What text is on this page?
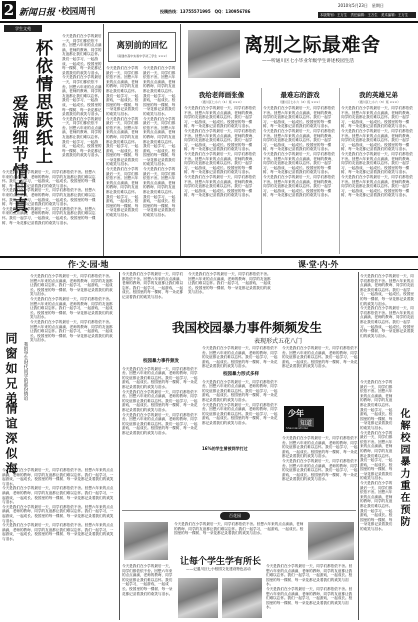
2 新闻日报 ·校园周刊	投稿热线：13755571995　QQ：130956786
2010年5月23日　星期日
本版策划：王万生　责任编辑：王万生　美术编辑：王万生
学生文苑
杯依情思跃纸上
爱满细节情自真
今天是我们在小学的最后一天，同学们都依依不舍。回想六年来的点点滴滴，老师的教诲、同学的友谊都让我们难以忘怀。我们一起学习，一起游戏，一起成长。校园里的每一棵树、每一朵花都记录着我们的欢笑与泪水。
今天是我们在小学的最后一天，同学们都依依不舍。回想六年来的点点滴滴，老师的教诲、同学的友谊都让我们难以忘怀。我们一起学习，一起游戏，一起成长。校园里的每一棵树、每一朵花都记录着我们的欢笑与泪水。
今天是我们在小学的最后一天，同学们都依依不舍。回想六年来的点点滴滴，老师的教诲、同学的友谊都让我们难以忘怀。我们一起学习，一起游戏，一起成长。校园里的每一棵树、每一朵花都记录着我们的欢笑与泪水。
今天是我们在小学的最后一天，同学们都依依不舍。回想六年来的点点滴滴，老师的教诲、同学的友谊都让我们难以忘怀。我们一起学习，一起游戏，一起成长。校园里的每一棵树、每一朵花都记录着我们的欢笑与泪水。
今天是我们在小学的最后一天，同学们都依依不舍。回想六年来的点点滴滴，老师的教诲、同学的友谊都让我们难以忘怀。我们一起学习，一起游戏，一起成长。校园里的每一棵树、每一朵花都记录着我们的欢笑与泪水。
今天是我们在小学的最后一天，同学们都依依不舍。回想六年来的点点滴滴，老师的教诲、同学的友谊都让我们难以忘怀。我们一起学习，一起游戏，一起成长。校园里的每一棵树、每一朵花都记录着我们的欢笑与泪水。
离别前的回忆
（南通市高中实验中学初三学生 ×××）
今天是我们在小学的最后一天，同学们都依依不舍。回想六年来的点点滴滴，老师的教诲、同学的友谊都让我们难以忘怀。我们一起学习，一起游戏，一起成长。校园里的每一棵树、每一朵花都记录着我们的欢笑与泪水。
今天是我们在小学的最后一天，同学们都依依不舍。回想六年来的点点滴滴，老师的教诲、同学的友谊都让我们难以忘怀。我们一起学习，一起游戏，一起成长。校园里的每一棵树、每一朵花都记录着我们的欢笑与泪水。
今天是我们在小学的最后一天，同学们都依依不舍。回想六年来的点点滴滴，老师的教诲、同学的友谊都让我们难以忘怀。我们一起学习，一起游戏，一起成长。校园里的每一棵树、每一朵花都记录着我们的欢笑与泪水。
今天是我们在小学的最后一天，同学们都依依不舍。回想六年来的点点滴滴，老师的教诲、同学的友谊都让我们难以忘怀。我们一起学习，一起游戏，一起成长。校园里的每一棵树、每一朵花都记录着我们的欢笑与泪水。
今天是我们在小学的最后一天，同学们都依依不舍。回想六年来的点点滴滴，老师的教诲、同学的友谊都让我们难以忘怀。我们一起学习，一起游戏，一起成长。校园里的每一棵树、每一朵花都记录着我们的欢笑与泪水。
今天是我们在小学的最后一天，同学们都依依不舍。回想六年来的点点滴滴，老师的教诲、同学的友谊都让我们难以忘怀。我们一起学习，一起游戏，一起成长。校园里的每一棵树、每一朵花都记录着我们的欢笑与泪水。
离别之际最难舍
——听通川区七小毕业年级学生讲述校园生活
我给老师画张像
（通川区七小六（1）班 ×××）
今天是我们在小学的最后一天，同学们都依依不舍。回想六年来的点点滴滴，老师的教诲、同学的友谊都让我们难以忘怀。我们一起学习，一起游戏，一起成长。校园里的每一棵树、每一朵花都记录着我们的欢笑与泪水。
今天是我们在小学的最后一天，同学们都依依不舍。回想六年来的点点滴滴，老师的教诲、同学的友谊都让我们难以忘怀。我们一起学习，一起游戏，一起成长。校园里的每一棵树、每一朵花都记录着我们的欢笑与泪水。
今天是我们在小学的最后一天，同学们都依依不舍。回想六年来的点点滴滴，老师的教诲、同学的友谊都让我们难以忘怀。我们一起学习，一起游戏，一起成长。校园里的每一棵树、每一朵花都记录着我们的欢笑与泪水。
今天是我们在小学的最后一天，同学们都依依不舍。回想六年来的点点滴滴，老师的教诲、同学的友谊都让我们难以忘怀。我们一起学习，一起游戏，一起成长。校园里的每一棵树、每一朵花都记录着我们的欢笑与泪水。
最难忘的游戏
（通川区七小六（2）班 ×××）
今天是我们在小学的最后一天，同学们都依依不舍。回想六年来的点点滴滴，老师的教诲、同学的友谊都让我们难以忘怀。我们一起学习，一起游戏，一起成长。校园里的每一棵树、每一朵花都记录着我们的欢笑与泪水。
今天是我们在小学的最后一天，同学们都依依不舍。回想六年来的点点滴滴，老师的教诲、同学的友谊都让我们难以忘怀。我们一起学习，一起游戏，一起成长。校园里的每一棵树、每一朵花都记录着我们的欢笑与泪水。
今天是我们在小学的最后一天，同学们都依依不舍。回想六年来的点点滴滴，老师的教诲、同学的友谊都让我们难以忘怀。我们一起学习，一起游戏，一起成长。校园里的每一棵树、每一朵花都记录着我们的欢笑与泪水。
今天是我们在小学的最后一天，同学们都依依不舍。回想六年来的点点滴滴，老师的教诲、同学的友谊都让我们难以忘怀。我们一起学习，一起游戏，一起成长。校园里的每一棵树、每一朵花都记录着我们的欢笑与泪水。
我的英雄兄弟
（通川区七小六（3）班 ×××）
今天是我们在小学的最后一天，同学们都依依不舍。回想六年来的点点滴滴，老师的教诲、同学的友谊都让我们难以忘怀。我们一起学习，一起游戏，一起成长。校园里的每一棵树、每一朵花都记录着我们的欢笑与泪水。
今天是我们在小学的最后一天，同学们都依依不舍。回想六年来的点点滴滴，老师的教诲、同学的友谊都让我们难以忘怀。我们一起学习，一起游戏，一起成长。校园里的每一棵树、每一朵花都记录着我们的欢笑与泪水。
今天是我们在小学的最后一天，同学们都依依不舍。回想六年来的点点滴滴，老师的教诲、同学的友谊都让我们难以忘怀。我们一起学习，一起游戏，一起成长。校园里的每一棵树、每一朵花都记录着我们的欢笑与泪水。
今天是我们在小学的最后一天，同学们都依依不舍。回想六年来的点点滴滴，老师的教诲、同学的友谊都让我们难以忘怀。我们一起学习，一起游戏，一起成长。校园里的每一棵树、每一朵花都记录着我们的欢笑与泪水。
作·文·园·地	课·堂·内·外
同窗如兄弟
情谊深似海
我的学生时代同学的那份情谊
今天是我们在小学的最后一天，同学们都依依不舍。回想六年来的点点滴滴，老师的教诲、同学的友谊都让我们难以忘怀。我们一起学习，一起游戏，一起成长。校园里的每一棵树、每一朵花都记录着我们的欢笑与泪水。
今天是我们在小学的最后一天，同学们都依依不舍。回想六年来的点点滴滴，老师的教诲、同学的友谊都让我们难以忘怀。我们一起学习，一起游戏，一起成长。校园里的每一棵树、每一朵花都记录着我们的欢笑与泪水。
今天是我们在小学的最后一天，同学们都依依不舍。回想六年来的点点滴滴，老师的教诲、同学的友谊都让我们难以忘怀。我们一起学习，一起游戏，一起成长。校园里的每一棵树、每一朵花都记录着我们的欢笑与泪水。
今天是我们在小学的最后一天，同学们都依依不舍。回想六年来的点点滴滴，老师的教诲、同学的友谊都让我们难以忘怀。我们一起学习，一起游戏，一起成长。校园里的每一棵树、每一朵花都记录着我们的欢笑与泪水。
今天是我们在小学的最后一天，同学们都依依不舍。回想六年来的点点滴滴，老师的教诲、同学的友谊都让我们难以忘怀。我们一起学习，一起游戏，一起成长。校园里的每一棵树、每一朵花都记录着我们的欢笑与泪水。
今天是我们在小学的最后一天，同学们都依依不舍。回想六年来的点点滴滴，老师的教诲、同学的友谊都让我们难以忘怀。我们一起学习，一起游戏，一起成长。校园里的每一棵树、每一朵花都记录着我们的欢笑与泪水。
今天是我们在小学的最后一天，同学们都依依不舍。回想六年来的点点滴滴，老师的教诲、同学的友谊都让我们难以忘怀。我们一起学习，一起游戏，一起成长。校园里的每一棵树、每一朵花都记录着我们的欢笑与泪水。
今天是我们在小学的最后一天，同学们都依依不舍。回想六年来的点点滴滴，老师的教诲、同学的友谊都让我们难以忘怀。我们一起学习，一起游戏，一起成长。校园里的每一棵树、每一朵花都记录着我们的欢笑与泪水。
今天是我们在小学的最后一天，同学们都依依不舍。回想六年来的点点滴滴，老师的教诲、同学的友谊都让我们难以忘怀。我们一起学习，一起游戏，一起成长。校园里的每一棵树、每一朵花都记录着我们的欢笑与泪水。
我国校园暴力事件频频发生
表现形式五花八门
校园暴力事件频发
今天是我们在小学的最后一天，同学们都依依不舍。回想六年来的点点滴滴，老师的教诲、同学的友谊都让我们难以忘怀。我们一起学习，一起游戏，一起成长。校园里的每一棵树、每一朵花都记录着我们的欢笑与泪水。
今天是我们在小学的最后一天，同学们都依依不舍。回想六年来的点点滴滴，老师的教诲、同学的友谊都让我们难以忘怀。我们一起学习，一起游戏，一起成长。校园里的每一棵树、每一朵花都记录着我们的欢笑与泪水。
今天是我们在小学的最后一天，同学们都依依不舍。回想六年来的点点滴滴，老师的教诲、同学的友谊都让我们难以忘怀。我们一起学习，一起游戏，一起成长。校园里的每一棵树、每一朵花都记录着我们的欢笑与泪水。
今天是我们在小学的最后一天，同学们都依依不舍。回想六年来的点点滴滴，老师的教诲、同学的友谊都让我们难以忘怀。我们一起学习，一起游戏，一起成长。校园里的每一棵树、每一朵花都记录着我们的欢笑与泪水。
校园暴力形式多样
今天是我们在小学的最后一天，同学们都依依不舍。回想六年来的点点滴滴，老师的教诲、同学的友谊都让我们难以忘怀。我们一起学习，一起游戏，一起成长。校园里的每一棵树、每一朵花都记录着我们的欢笑与泪水。
今天是我们在小学的最后一天，同学们都依依不舍。回想六年来的点点滴滴，老师的教诲、同学的友谊都让我们难以忘怀。我们一起学习，一起游戏，一起成长。校园里的每一棵树、每一朵花都记录着我们的欢笑与泪水。
今天是我们在小学的最后一天，同学们都依依不舍。回想六年来的点点滴滴，老师的教诲、同学的友谊都让我们难以忘怀。我们一起学习，一起游戏，一起成长。校园里的每一棵树、每一朵花都记录着我们的欢笑与泪水。
16%的学生曾被同学打过
少年
知道
Shaonianzhidao
今天是我们在小学的最后一天，同学们都依依不舍。回想六年来的点点滴滴，老师的教诲、同学的友谊都让我们难以忘怀。我们一起学习，一起游戏，一起成长。校园里的每一棵树、每一朵花都记录着我们的欢笑与泪水。
今天是我们在小学的最后一天，同学们都依依不舍。回想六年来的点点滴滴，老师的教诲、同学的友谊都让我们难以忘怀。我们一起学习，一起游戏，一起成长。校园里的每一棵树、每一朵花都记录着我们的欢笑与泪水。
今天是我们在小学的最后一天，同学们都依依不舍。回想六年来的点点滴滴，老师的教诲、同学的友谊都让我们难以忘怀。我们一起学习，一起游戏，一起成长。校园里的每一棵树、每一朵花都记录着我们的欢笑与泪水。
今天是我们在小学的最后一天，同学们都依依不舍。回想六年来的点点滴滴，老师的教诲、同学的友谊都让我们难以忘怀。我们一起学习，一起游戏，一起成长。校园里的每一棵树、每一朵花都记录着我们的欢笑与泪水。
化解校园暴力重在预防
今天是我们在小学的最后一天，同学们都依依不舍。回想六年来的点点滴滴，老师的教诲、同学的友谊都让我们难以忘怀。我们一起学习，一起游戏，一起成长。校园里的每一棵树、每一朵花都记录着我们的欢笑与泪水。
今天是我们在小学的最后一天，同学们都依依不舍。回想六年来的点点滴滴，老师的教诲、同学的友谊都让我们难以忘怀。我们一起学习，一起游戏，一起成长。校园里的每一棵树、每一朵花都记录着我们的欢笑与泪水。
今天是我们在小学的最后一天，同学们都依依不舍。回想六年来的点点滴滴，老师的教诲、同学的友谊都让我们难以忘怀。我们一起学习，一起游戏，一起成长。校园里的每一棵树、每一朵花都记录着我们的欢笑与泪水。
百花园
今天是我们在小学的最后一天，同学们都依依不舍。回想六年来的点点滴滴，老师的教诲、同学的友谊都让我们难以忘怀。我们一起学习，一起游戏，一起成长。校园里的每一棵树、每一朵花都记录着我们的欢笑与泪水。
让每个学生学有所长
——记通川区七小校园文化建设特色活动
今天是我们在小学的最后一天，同学们都依依不舍。回想六年来的点点滴滴，老师的教诲、同学的友谊都让我们难以忘怀。我们一起学习，一起游戏，一起成长。校园里的每一棵树、每一朵花都记录着我们的欢笑与泪水。
今天是我们在小学的最后一天，同学们都依依不舍。回想六年来的点点滴滴，老师的教诲、同学的友谊都让我们难以忘怀。我们一起学习，一起游戏，一起成长。校园里的每一棵树、每一朵花都记录着我们的欢笑与泪水。
今天是我们在小学的最后一天，同学们都依依不舍。回想六年来的点点滴滴，老师的教诲、同学的友谊都让我们难以忘怀。我们一起学习，一起游戏，一起成长。校园里的每一棵树、每一朵花都记录着我们的欢笑与泪水。
